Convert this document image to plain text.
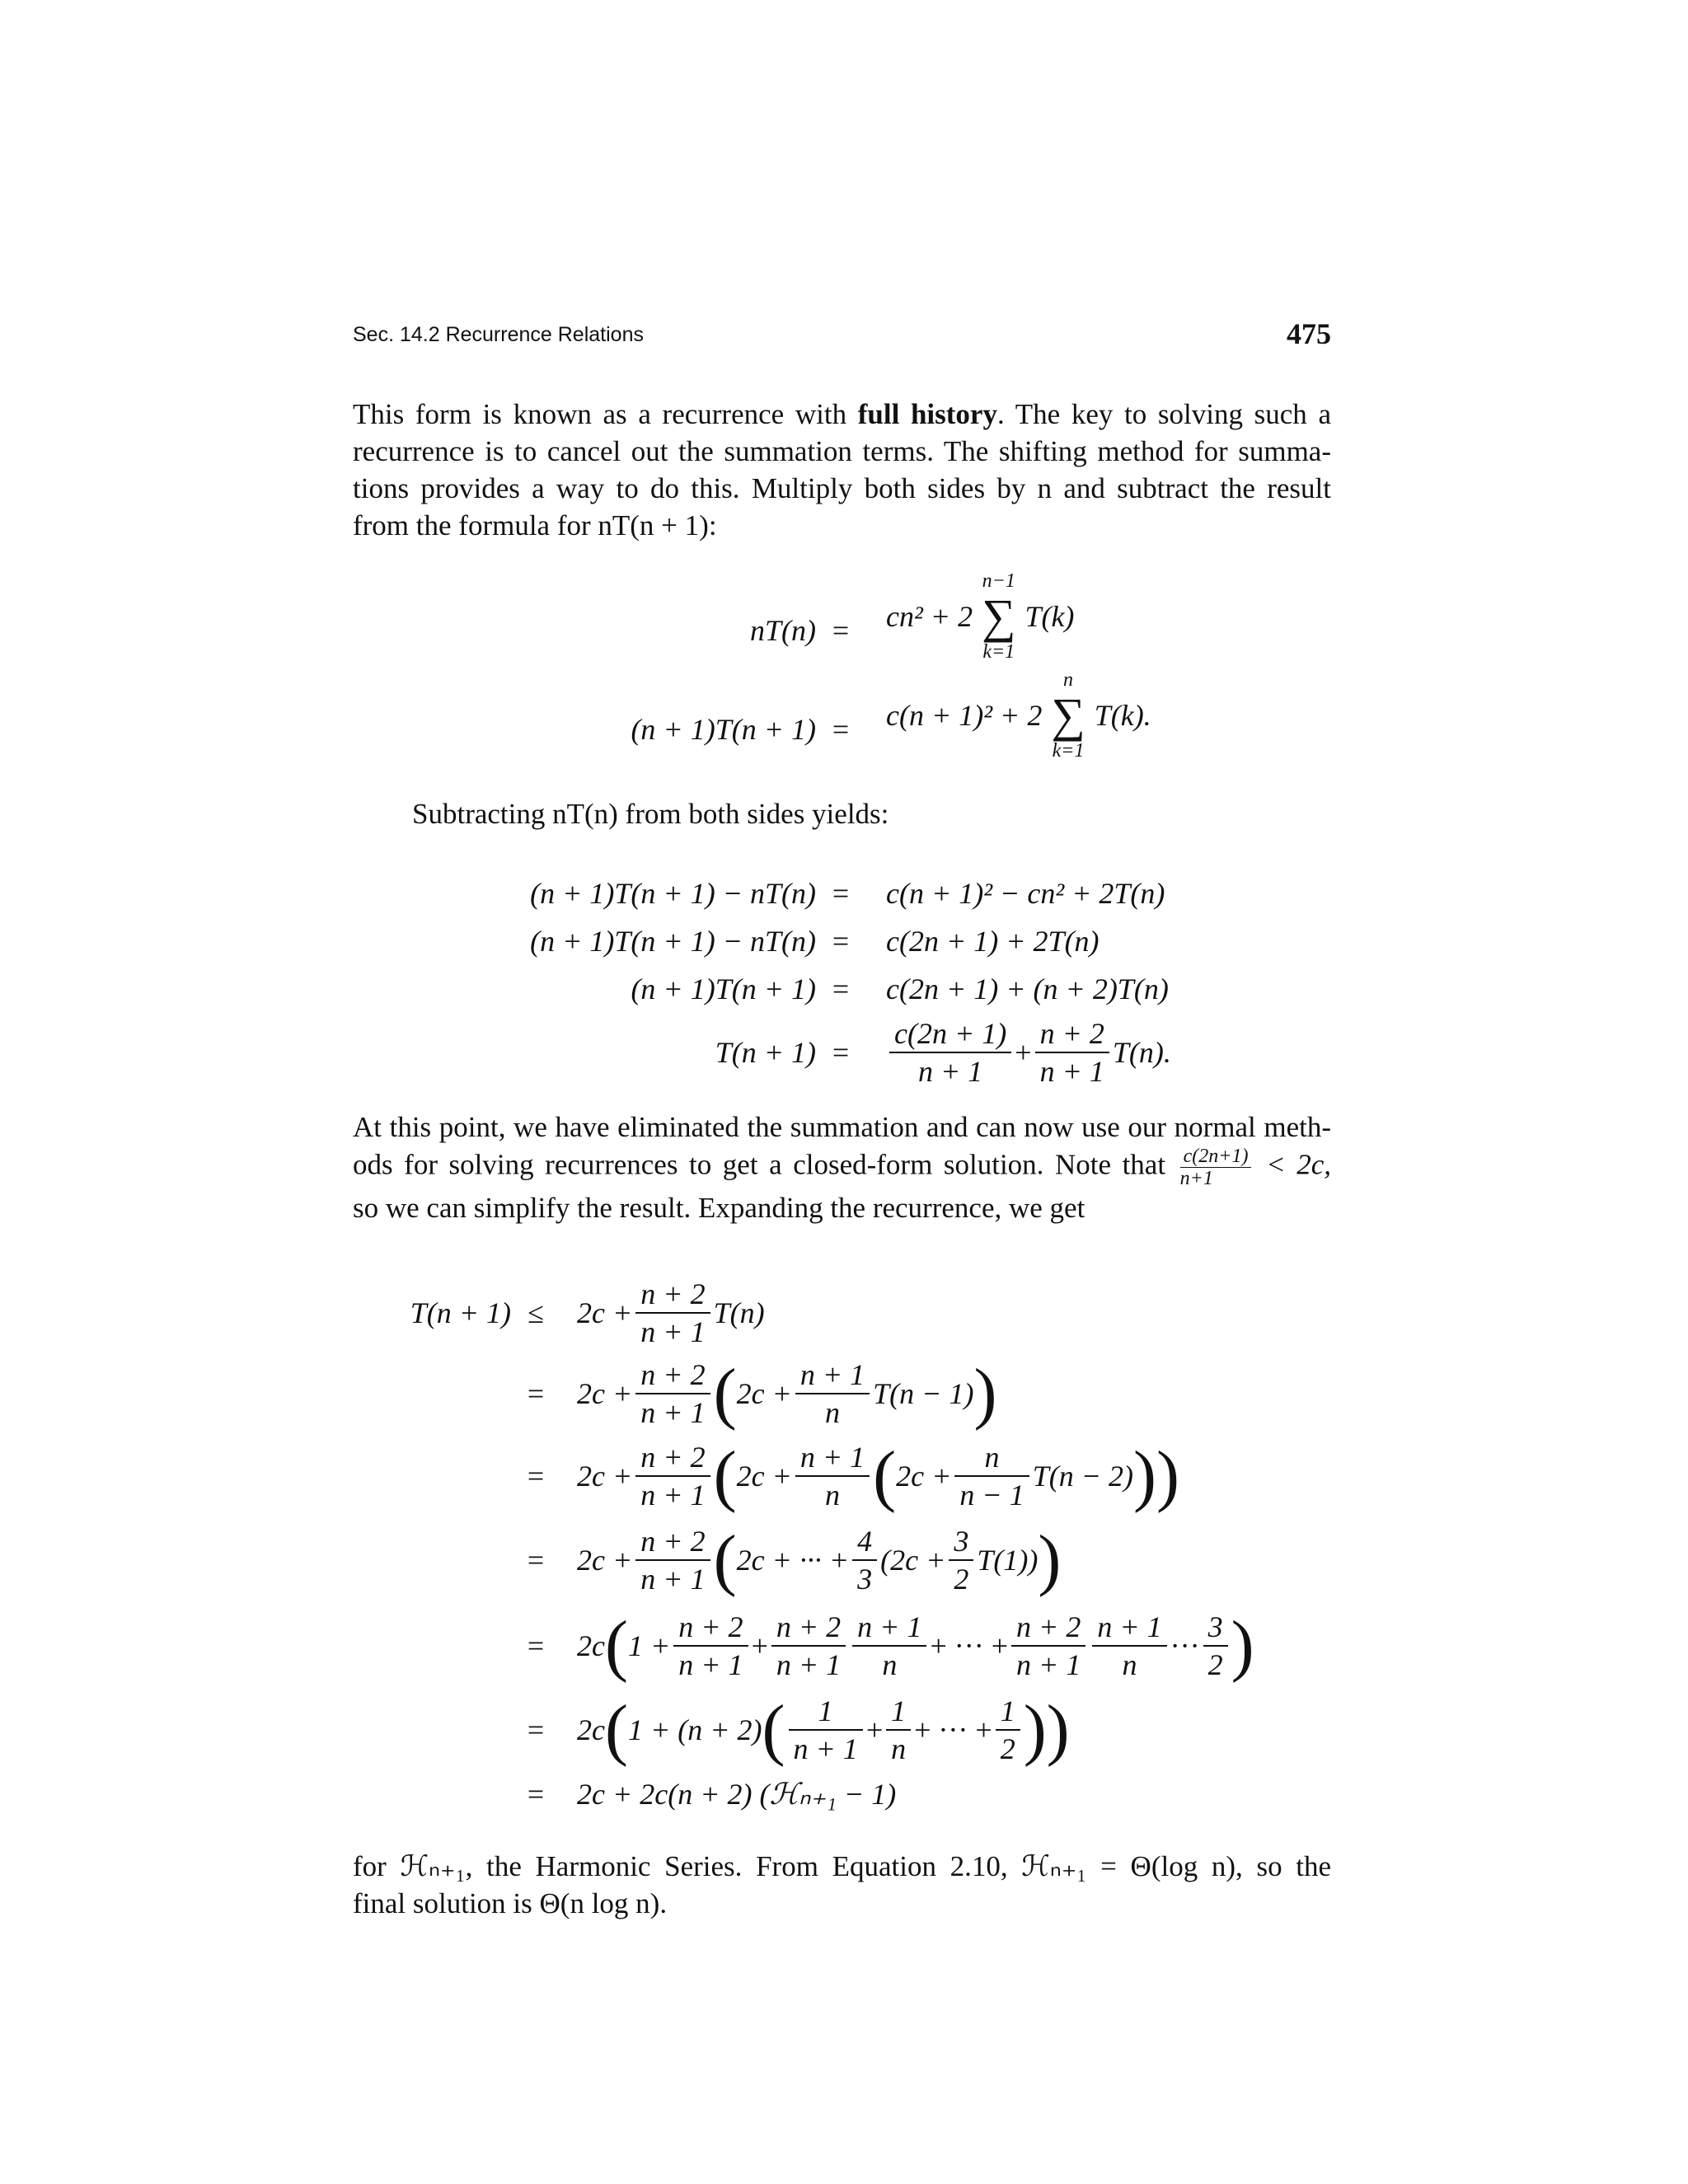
Sec. 14.2 Recurrence Relations	475
This form is known as a recurrence with full history. The key to solving such a
recurrence is to cancel out the summation terms. The shifting method for summa-
tions provides a way to do this. Multiply both sides by n and subtract the result
from the formula for nT(n + 1):
nT(n) =	cn² + 2
n−1
∑
k=1
T(k)
(n + 1)T(n + 1) =	c(n + 1)² + 2
n
∑
k=1
T(k).
Subtracting nT(n) from both sides yields:
(n + 1)T(n + 1) − nT(n)
(n + 1)T(n + 1) − nT(n)
(n + 1)T(n + 1)
T(n + 1)
=
=
=
=
c(n + 1)² − cn² + 2T(n)
c(2n + 1) + 2T(n)
c(2n + 1) + (n + 2)T(n)
$\frac{c(2n + 1)}{n + 1} + \frac{n + 2}{n + 1} T(n)$.
At this point, we have eliminated the summation and can now use our normal meth-
ods for solving recurrences to get a closed-form solution. Note that $\frac{c(2n+1)}{n+1} < 2c$,
so we can simplify the result. Expanding the recurrence, we get
T(n + 1) ≤
=
=
=
=
=
=
$2c + \frac{n + 2}{n + 1} T(n)$
$2c + \frac{n + 2}{n + 1}$ ( $2c + \frac{n + 1}{n} T(n - 1)$ )
$2c + \frac{n + 2}{n + 1}$ ( $2c + \frac{n + 1}{n}$ ( $2c + \frac{n}{n - 1} T(n - 2)$ ))
$2c + \frac{n + 2}{n + 1}$ ( 2c + ··· + $\frac{4}{3} (2c + \frac{3}{2} T(1))$ )
2c ( $1 + \frac{n + 2}{n + 1} + \frac{n + 2}{n + 1} \frac{n + 1}{n}$ + ··· + $\frac{n + 2}{n + 1} \frac{n + 1}{n}$ ··· $\frac{3}{2}$ )
2c ( 1 + (n + 2) ( $\frac{1}{n + 1} + \frac{1}{n}$ + ··· + $\frac{1}{2}$ ))
2c + 2c(n + 2) (ℋₙ₊₁ − 1)
for ℋₙ₊₁, the Harmonic Series. From Equation 2.10, ℋₙ₊₁ = Θ(log n), so the
final solution is Θ(n log n).
